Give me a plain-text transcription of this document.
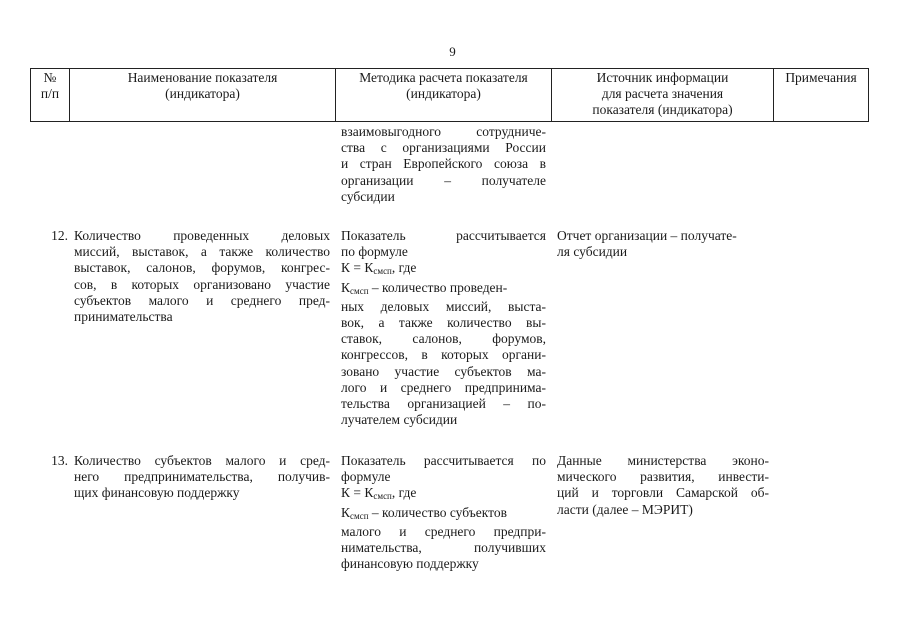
9
№
п/п
Наименование показателя
(индикатора)
Методика расчета показателя
(индикатора)
Источник информации
для расчета значения
показателя (индикатора)
Примечания
взаимовыгодного сотрудниче-
ства с организациями России
и стран Европейского союза в
организации – получателе
субсидии
12. Количество проведенных деловых
миссий, выставок, а также количество
выставок, салонов, форумов, конгрес-
сов, в которых организовано участие
субъектов малого и среднего пред-
принимательства
Показатель рассчитывается
по формуле
$К = К_{смсп}$, где
$К_{смсп}$ – количество проведен-
ных деловых миссий, выста-
вок, а также количество вы-
ставок, салонов, форумов,
конгрессов, в которых органи-
зовано участие субъектов ма-
лого и среднего предпринима-
тельства организацией – по-
лучателем субсидии
Отчет организации – получате-
ля субсидии
13. Количество субъектов малого и сред-
него предпринимательства, получив-
щих финансовую поддержку
Показатель рассчитывается по
формуле
$К = К_{смсп}$, где
$К_{смсп}$ – количество субъектов
малого и среднего предпри-
нимательства, получивших
финансовую поддержку
Данные министерства эконо-
мического развития, инвести-
ций и торговли Самарской об-
ласти (далее – МЭРИТ)
